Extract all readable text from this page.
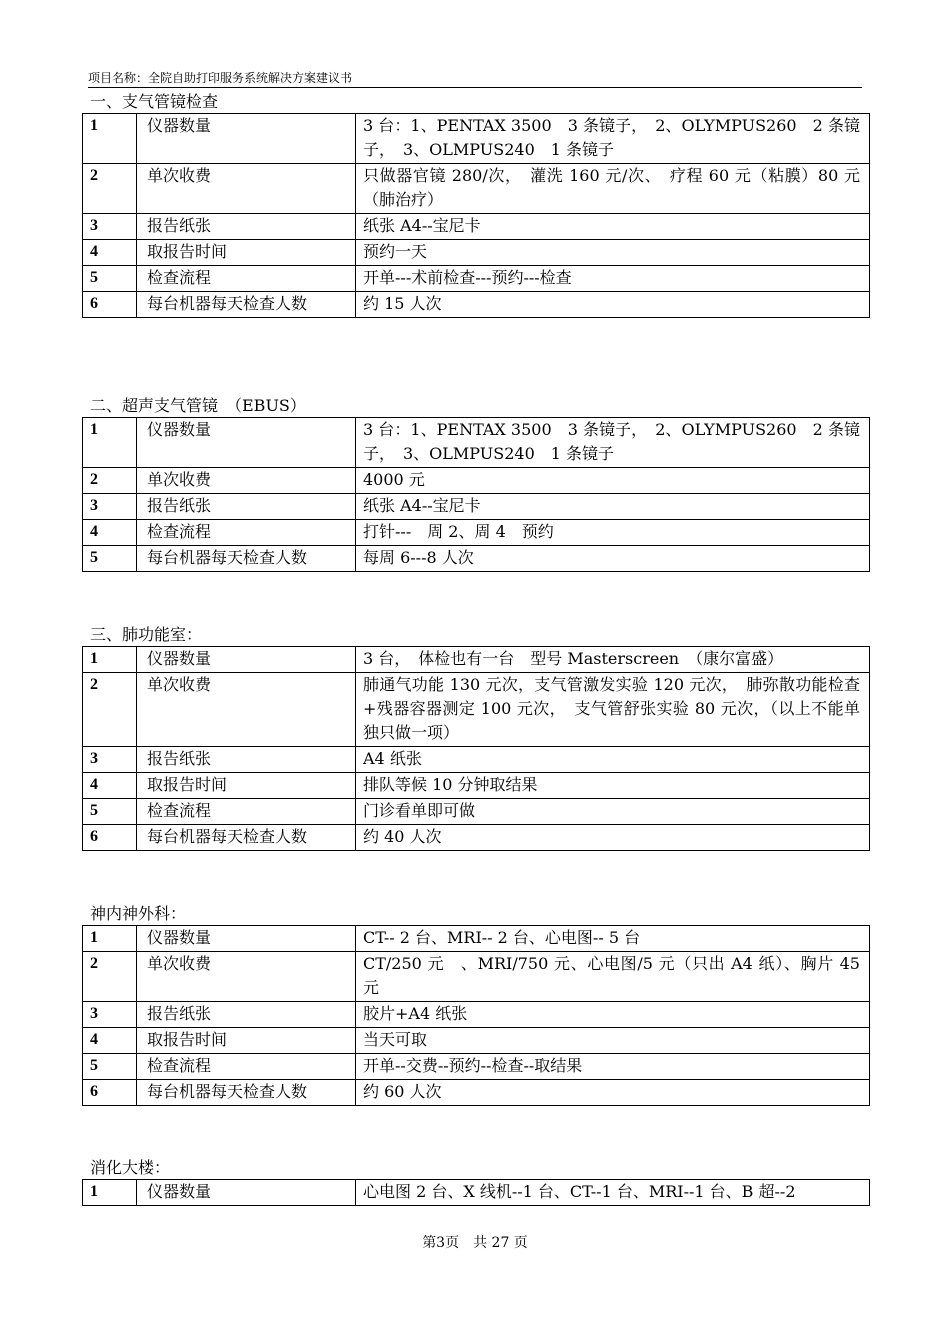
项目名称：全院自助打印服务系统解决方案建议书
一、支气管镜检查
1	仪器数量	3 台：1、PENTAX 3500　3 条镜子，　2、OLYMPUS260　2 条镜子，　3、OLMPUS240　1 条镜子
2	单次收费	只做器官镜 280/次，　灌洗 160 元/次、　疗程 60 元（粘膜）80 元（肺治疗）
3	报告纸张	纸张 A4--宝尼卡
4	取报告时间	预约一天
5	检查流程	开单---术前检查---预约---检查
6	每台机器每天检查人数	约 15 人次
二、超声支气管镜　（EBUS）
1	仪器数量	3 台：1、PENTAX 3500　3 条镜子，　2、OLYMPUS260　2 条镜子，　3、OLMPUS240　1 条镜子
2	单次收费	4000 元
3	报告纸张	纸张 A4--宝尼卡
4	检查流程	打针---　周 2、周 4　预约
5	每台机器每天检查人数	每周 6---8 人次
三、肺功能室：
1	仪器数量	3 台，　体检也有一台　型号 Masterscreen　（康尔富盛）
2	单次收费	肺通气功能 130 元次，支气管激发实验 120 元次，　肺弥散功能检查+残器容器测定 100 元次，　支气管舒张实验 80 元次，（以上不能单独只做一项）
3	报告纸张	A4 纸张
4	取报告时间	排队等候 10 分钟取结果
5	检查流程	门诊看单即可做
6	每台机器每天检查人数	约 40 人次
神内神外科：
1	仪器数量	CT-- 2 台、MRI-- 2 台、心电图-- 5 台
2	单次收费	CT/250 元　、MRI/750 元、心电图/5 元（只出 A4 纸）、胸片 45 元
3	报告纸张	胶片+A4 纸张
4	取报告时间	当天可取
5	检查流程	开单--交费--预约--检查--取结果
6	每台机器每天检查人数	约 60 人次
消化大楼：
1	仪器数量	心电图 2 台、X 线机--1 台、CT--1 台、MRI--1 台、B 超--2
第3页　共 27 页
